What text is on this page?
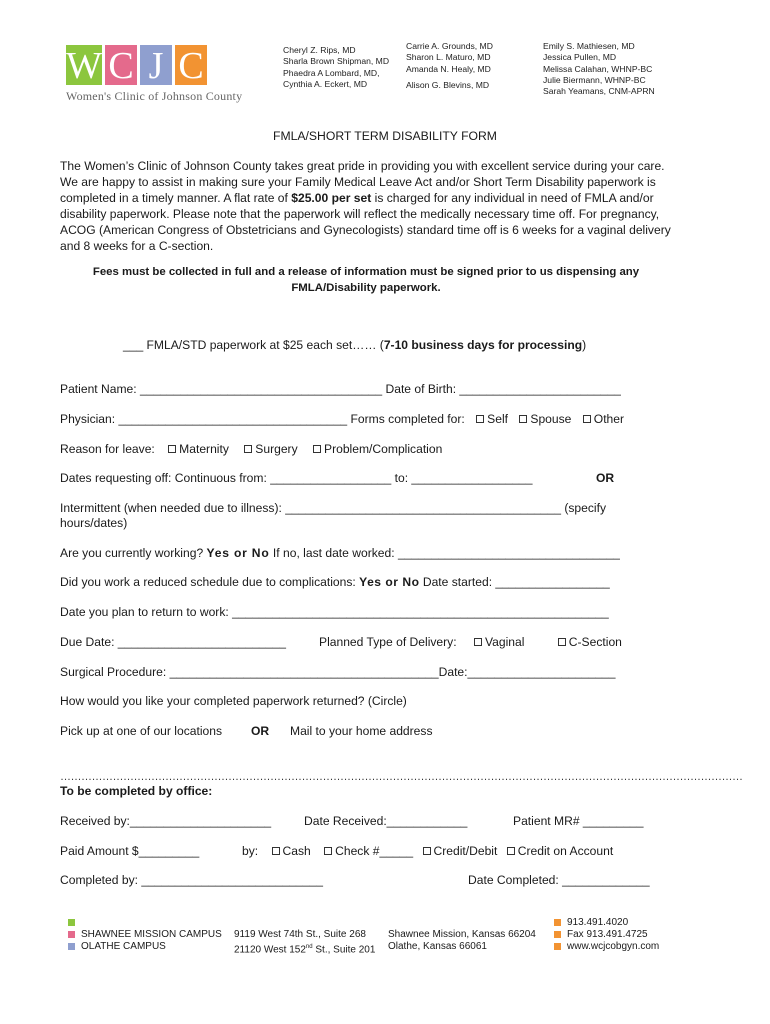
W C J C
Women's Clinic of Johnson County
Cheryl Z. Rips, MD
Sharla Brown Shipman, MD
Phaedra A Lombard, MD,
Cynthia A. Eckert, MD
Carrie A. Grounds, MD
Sharon L. Maturo, MD
Amanda N. Healy, MD
Alison G. Blevins, MD
Emily S. Mathiesen, MD
Jessica Pullen, MD
Melissa Calahan, WHNP-BC
Julie Biermann, WHNP-BC
Sarah Yeamans, CNM-APRN
FMLA/SHORT TERM DISABILITY FORM
The Women’s Clinic of Johnson County takes great pride in providing you with excellent service during your care. We are happy to assist in making sure your Family Medical Leave Act and/or Short Term Disability paperwork is completed in a timely manner. A flat rate of $25.00 per set is charged for any individual in need of FMLA and/or disability paperwork. Please note that the paperwork will reflect the medically necessary time off. For pregnancy, ACOG (American Congress of Obstetricians and Gynecologists) standard time off is 6 weeks for a vaginal delivery and 8 weeks for a C-section.
Fees must be collected in full and a release of information must be signed prior to us dispensing any FMLA/Disability paperwork.
___ FMLA/STD paperwork at $25 each set…… (7-10 business days for processing)
Patient Name: ____________________________________ Date of Birth: ________________________
Physician: __________________________________ Forms completed for: Self Spouse Other
Reason for leave: Maternity Surgery Problem/Complication
Dates requesting off: Continuous from: __________________ to: __________________	OR
Intermittent (when needed due to illness): _________________________________________ (specify
hours/dates)
Are you currently working? Yes or No If no, last date worked: _________________________________
Did you work a reduced schedule due to complications: Yes or No Date started: _________________
Date you plan to return to work: ________________________________________________________
Due Date: _________________________	Planned Type of Delivery: Vaginal	C-Section
Surgical Procedure: ________________________________________Date:______________________
How would you like your completed paperwork returned? (Circle)
Pick up at one of our locations OR Mail to your home address
……………………………………………………………………………………………………………………………………………………………………………
To be completed by office:
Received by:_____________________	Date Received:____________	Patient MR# _________
Paid Amount $_________	by: Cash Check #_____ Credit/Debit Credit on Account
Completed by: ___________________________	Date Completed: _____________
SHAWNEE MISSION CAMPUS
OLATHE CAMPUS
9119 West 74th St., Suite 268
21120 West 152nd St., Suite 201
Shawnee Mission, Kansas 66204
Olathe, Kansas 66061
913.491.4020
Fax 913.491.4725
www.wcjcobgyn.com
